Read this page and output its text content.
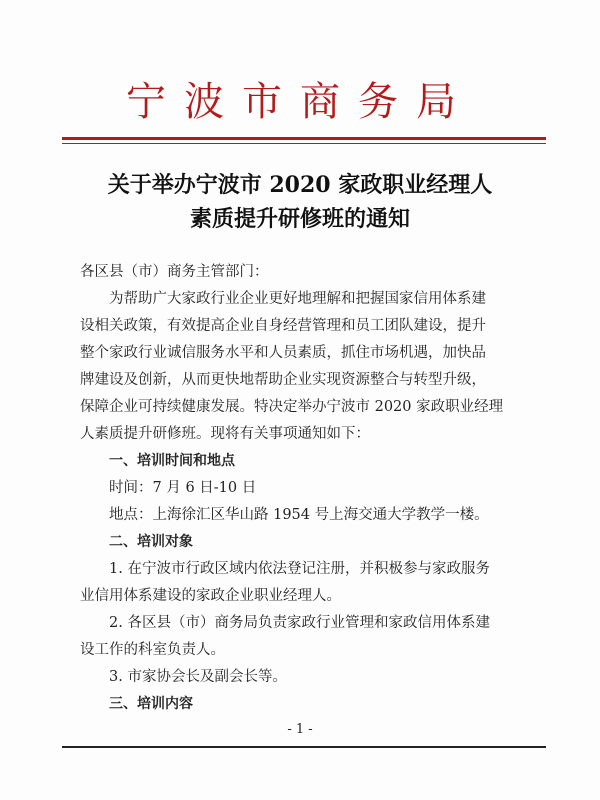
宁波市商务局
关于举办宁波市 2020 家政职业经理人
素质提升研修班的通知
各区县（市）商务主管部门：
为帮助广大家政行业企业更好地理解和把握国家信用体系建
设相关政策，有效提高企业自身经营管理和员工团队建设，提升
整个家政行业诚信服务水平和人员素质，抓住市场机遇，加快品
牌建设及创新，从而更快地帮助企业实现资源整合与转型升级，
保障企业可持续健康发展。特决定举办宁波市 2020 家政职业经理
人素质提升研修班。现将有关事项通知如下：
一、培训时间和地点
时间：7 月 6 日-10 日
地点：上海徐汇区华山路 1954 号上海交通大学教学一楼。
二、培训对象
1. 在宁波市行政区域内依法登记注册，并积极参与家政服务
业信用体系建设的家政企业职业经理人。
2. 各区县（市）商务局负责家政行业管理和家政信用体系建
设工作的科室负责人。
3. 市家协会长及副会长等。
三、培训内容
- 1 -
